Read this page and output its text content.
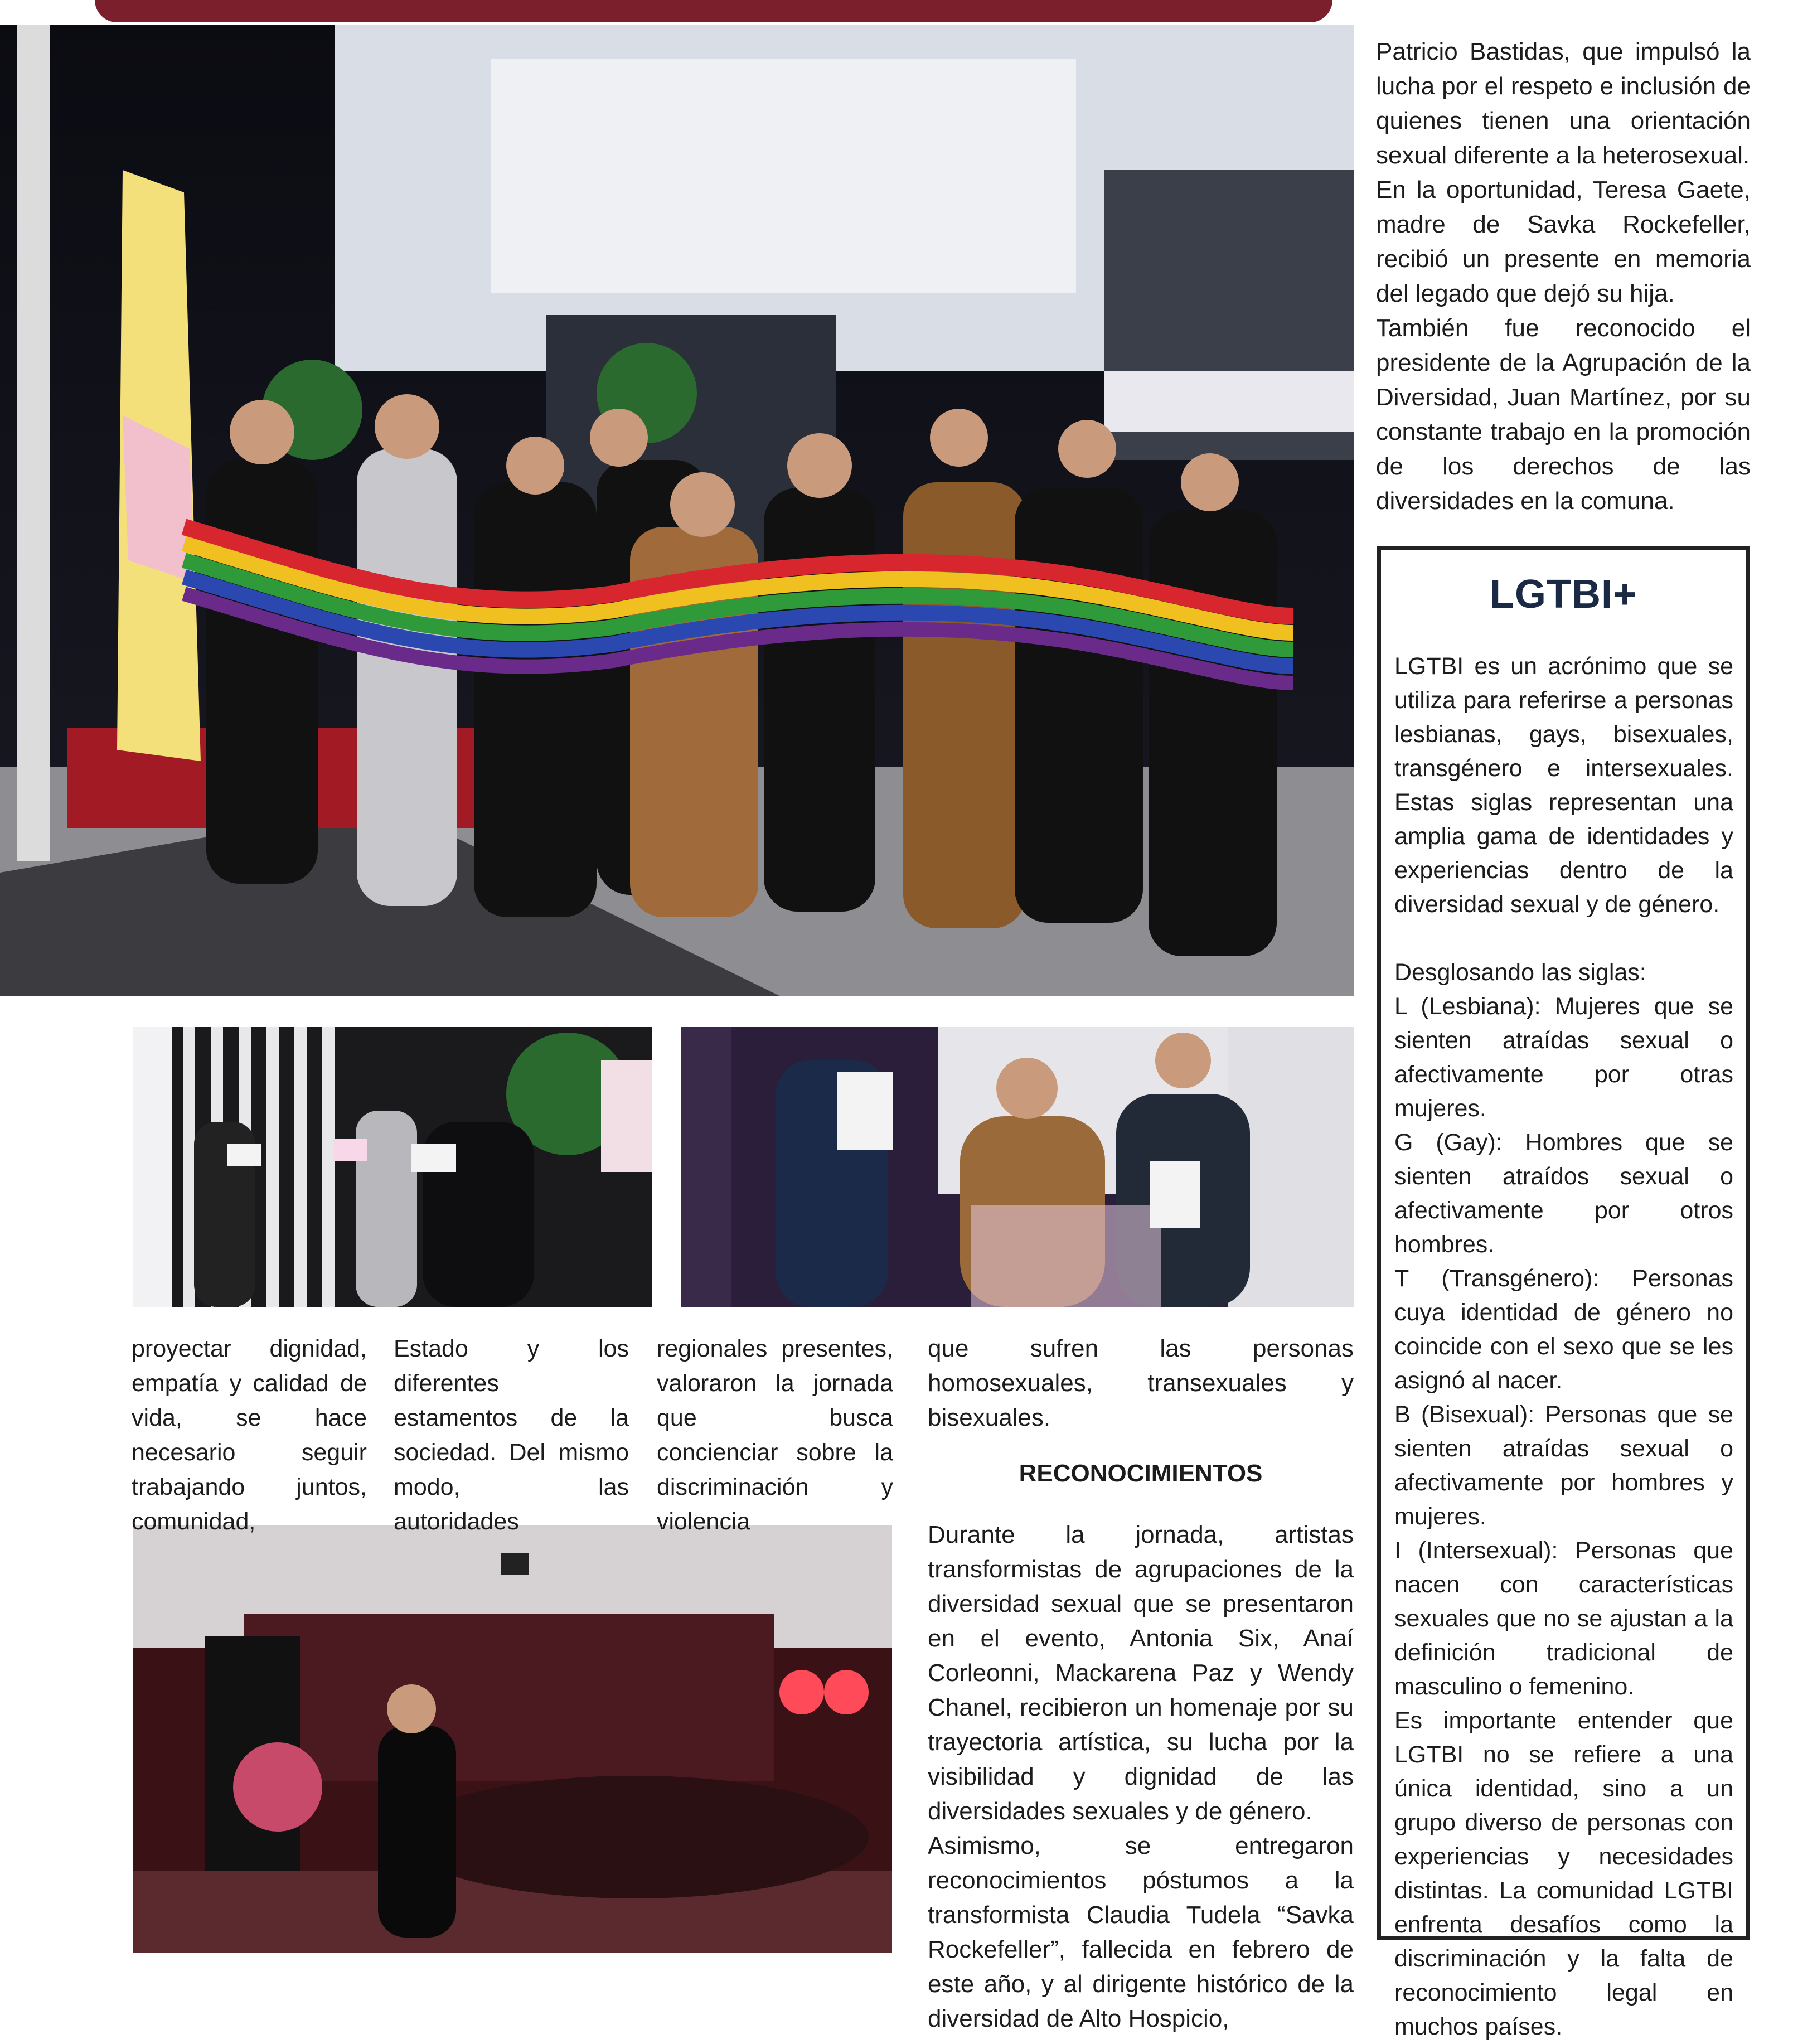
Patricio Bastidas, que impulsó la lucha por el respeto e inclusión de quienes tienen una orientación sexual diferente a la heterosexual.

En la oportunidad, Teresa Gaete, madre de Savka Rockefeller, recibió un presente en memoria del legado que dejó su hija.

También fue reconocido el presidente de la Agrupación de la Diversidad, Juan Martínez, por su constante trabajo en la promoción de los derechos de las diversidades en la comuna.

LGTBI+

LGTBI es un acrónimo que se utiliza para referirse a personas lesbianas, gays, bisexuales, transgénero e intersexuales. Estas siglas representan una amplia gama de identidades y experiencias dentro de la diversidad sexual y de género.

Desglosando las siglas:

L (Lesbiana): Mujeres que se sienten atraídas sexual o afectivamente por otras mujeres.

G (Gay): Hombres que se sienten atraídos sexual o afectivamente por otros hombres.

T (Transgénero): Personas cuya identidad de género no coincide con el sexo que se les asignó al nacer.

B (Bisexual): Personas que se sienten atraídas sexual o afectivamente por hombres y mujeres.

I (Intersexual): Personas que nacen con características sexuales que no se ajustan a la definición tradicional de masculino o femenino.

Es importante entender que LGTBI no se refiere a una única identidad, sino a un grupo diverso de personas con experiencias y necesidades distintas. La comunidad LGTBI enfrenta desafíos como la discriminación y la falta de reconocimiento legal en muchos países.

proyectar dignidad, empatía y calidad de vida, se hace necesario seguir trabajando juntos, comunidad,

Estado y los diferentes estamentos de la sociedad. Del mismo modo, las autoridades

regionales presentes, valoraron la jornada que busca concienciar sobre la discriminación y violencia

que sufren las personas homosexuales, transexuales y bisexuales.

RECONOCIMIENTOS

Durante la jornada, artistas transformistas de agrupaciones de la diversidad sexual que se presentaron en el evento, Antonia Six, Anaí Corleonni, Mackarena Paz y Wendy Chanel, recibieron un homenaje por su trayectoria artística, su lucha por la visibilidad y dignidad de las diversidades sexuales y de género.

Asimismo, se entregaron reconocimientos póstumos a la transformista Claudia Tudela “Savka Rockefeller”, fallecida en febrero de este año, y al dirigente histórico de la diversidad de Alto Hospicio,
